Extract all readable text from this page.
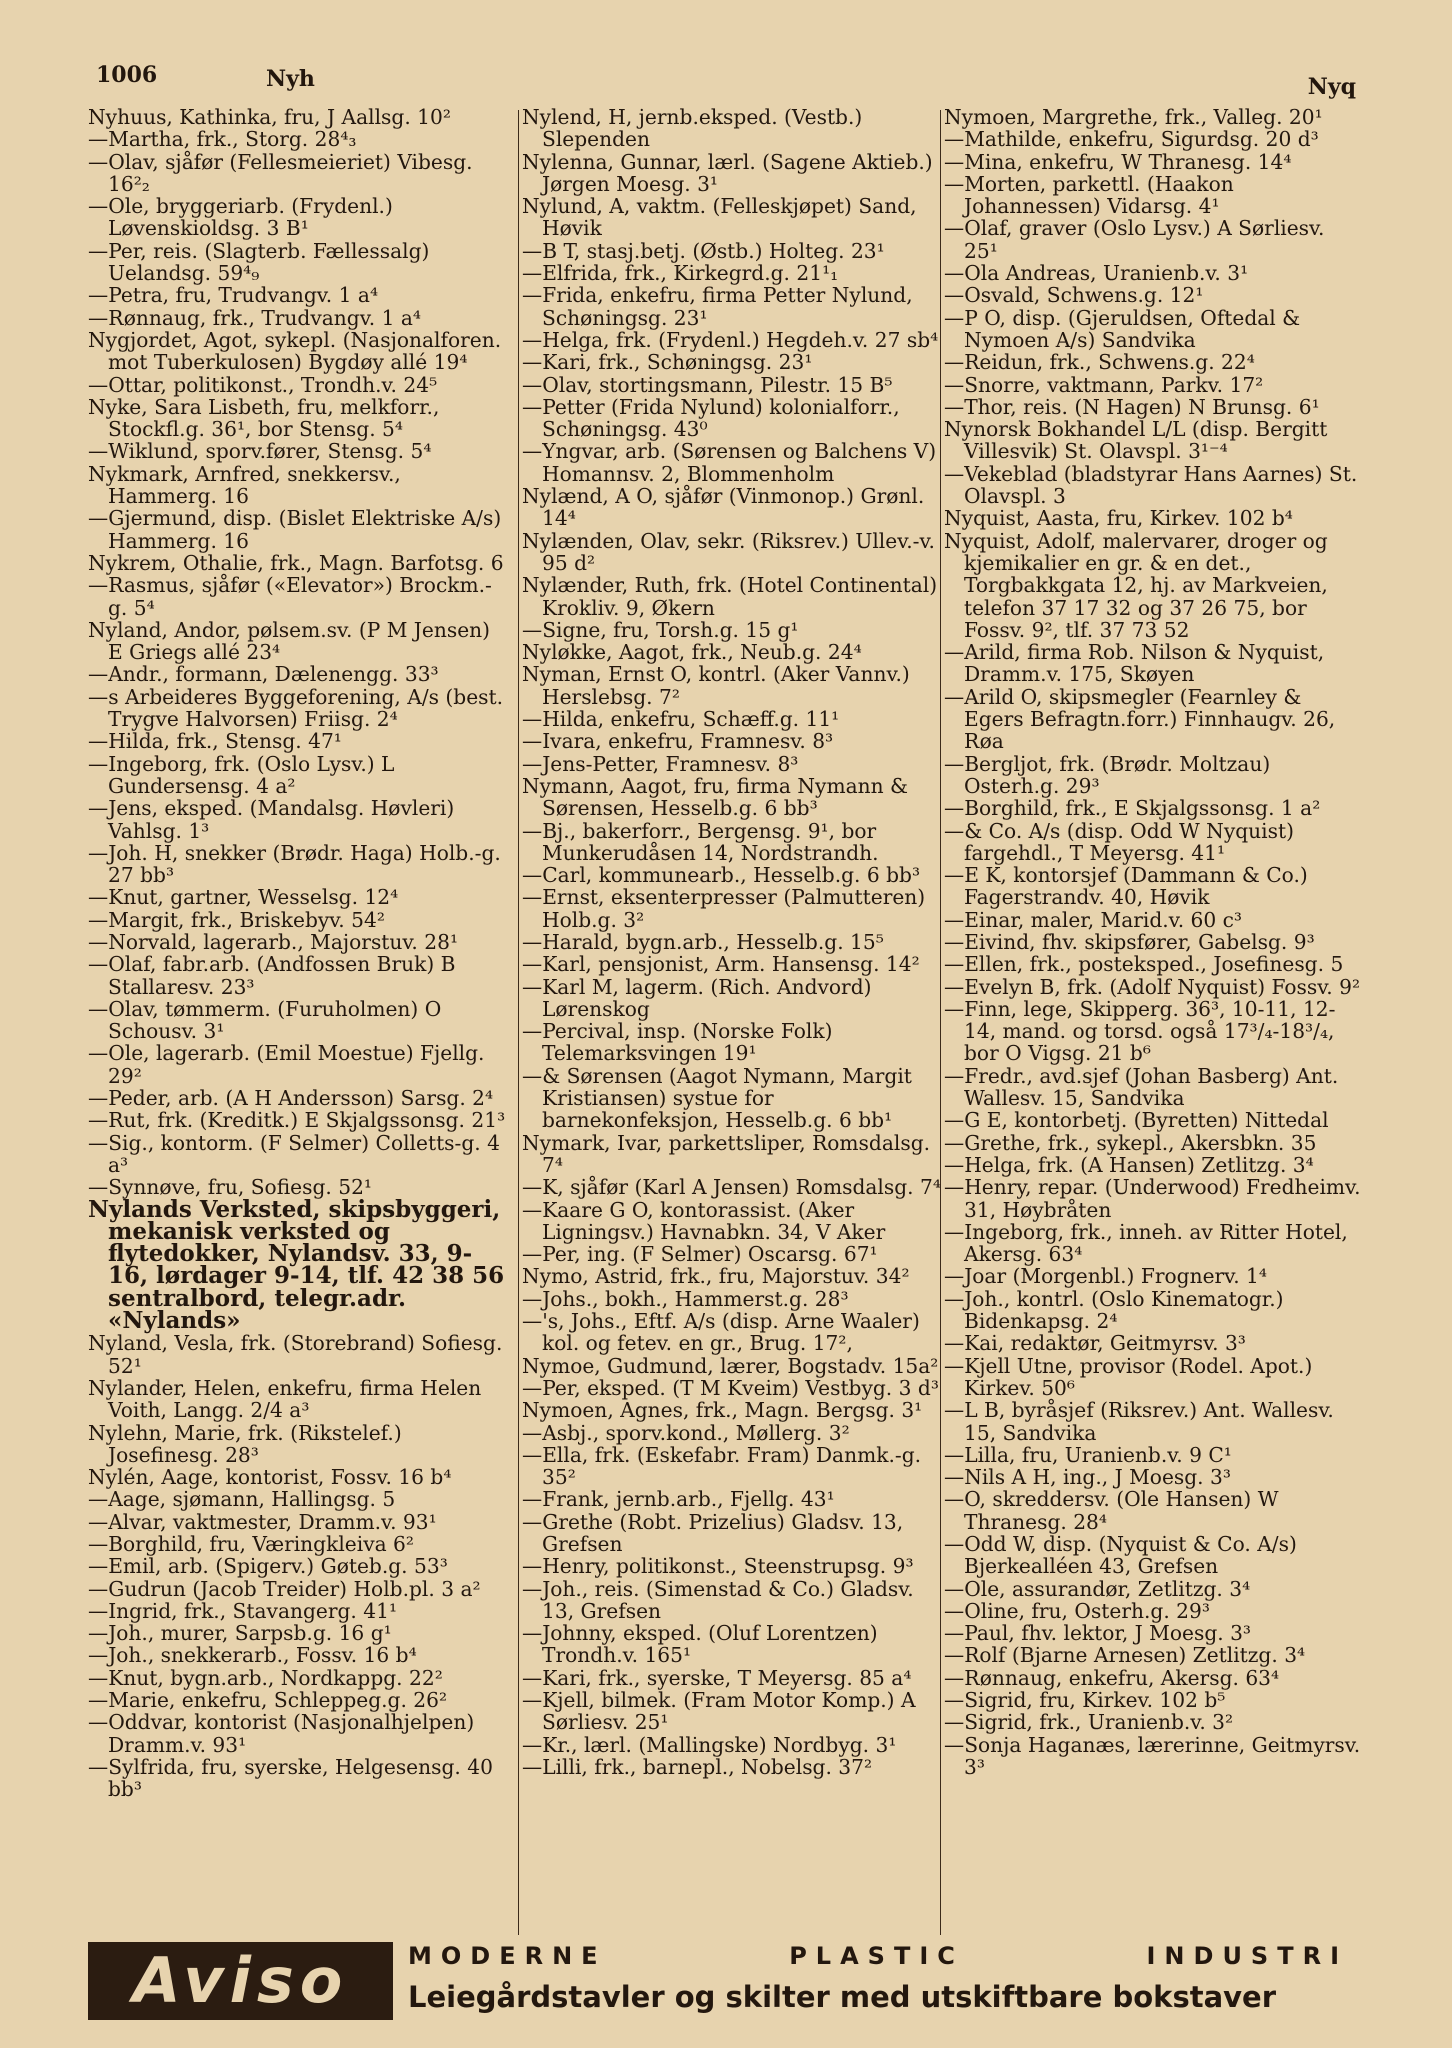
1006	Nyh	Nyq

Nyhuus, Kathinka, fru, J Aallsg. 10²

—Martha, frk., Storg. 28⁴₃

—Olav, sjåfør (Fellesmeieriet) Vibesg. 16²₂

—Ole, bryggeriarb. (Frydenl.) Løvenskioldsg. 3 B¹

—Per, reis. (Slagterb. Fællessalg) Uelandsg. 59⁴₉

—Petra, fru, Trudvangv. 1 a⁴

—Rønnaug, frk., Trudvangv. 1 a⁴

Nygjordet, Agot, sykepl. (Nasjonalforen. mot Tuberkulosen) Bygdøy allé 19⁴

—Ottar, politikonst., Trondh.v. 24⁵

Nyke, Sara Lisbeth, fru, melkforr., Stockfl.g. 36¹, bor Stensg. 5⁴

—Wiklund, sporv.fører, Stensg. 5⁴

Nykmark, Arnfred, snekkersv., Hammerg. 16

—Gjermund, disp. (Bislet Elektriske A/s) Hammerg. 16

Nykrem, Othalie, frk., Magn. Barfotsg. 6

—Rasmus, sjåfør («Elevator») Brockm.-g. 5⁴

Nyland, Andor, pølsem.sv. (P M Jensen) E Griegs allé 23⁴

—Andr., formann, Dælenengg. 33³

—s Arbeideres Byggeforening, A/s (best. Trygve Halvorsen) Friisg. 2⁴

—Hilda, frk., Stensg. 47¹

—Ingeborg, frk. (Oslo Lysv.) L Gundersensg. 4 a²

—Jens, eksped. (Mandalsg. Høvleri) Vahlsg. 1³

—Joh. H, snekker (Brødr. Haga) Holb.-g. 27 bb³

—Knut, gartner, Wesselsg. 12⁴

—Margit, frk., Briskebyv. 54²

—Norvald, lagerarb., Majorstuv. 28¹

—Olaf, fabr.arb. (Andfossen Bruk) B Stallaresv. 23³

—Olav, tømmerm. (Furuholmen) O Schousv. 3¹

—Ole, lagerarb. (Emil Moestue) Fjellg. 29²

—Peder, arb. (A H Andersson) Sarsg. 2⁴

—Rut, frk. (Kreditk.) E Skjalgssonsg. 21³

—Sig., kontorm. (F Selmer) Colletts-g. 4 a³

—Synnøve, fru, Sofiesg. 52¹

Nylands Verksted, skipsbyggeri, mekanisk verksted og flytedokker, Nylandsv. 33, 9-16, lørdager 9-14, tlf. 42 38 56 sentralbord, telegr.adr. «Nylands»

Nyland, Vesla, frk. (Storebrand) Sofiesg. 52¹

Nylander, Helen, enkefru, firma Helen Voith, Langg. 2/4 a³

Nylehn, Marie, frk. (Rikstelef.) Josefinesg. 28³

Nylén, Aage, kontorist, Fossv. 16 b⁴

—Aage, sjømann, Hallingsg. 5

—Alvar, vaktmester, Dramm.v. 93¹

—Borghild, fru, Væringkleiva 6²

—Emil, arb. (Spigerv.) Gøteb.g. 53³

—Gudrun (Jacob Treider) Holb.pl. 3 a²

—Ingrid, frk., Stavangerg. 41¹

—Joh., murer, Sarpsb.g. 16 g¹

—Joh., snekkerarb., Fossv. 16 b⁴

—Knut, bygn.arb., Nordkappg. 22²

—Marie, enkefru, Schleppeg.g. 26²

—Oddvar, kontorist (Nasjonalhjelpen) Dramm.v. 93¹

—Sylfrida, fru, syerske, Helgesensg. 40 bb³

Nylend, H, jernb.eksped. (Vestb.) Slependen

Nylenna, Gunnar, lærl. (Sagene Aktieb.) Jørgen Moesg. 3¹

Nylund, A, vaktm. (Felleskjøpet) Sand, Høvik

—B T, stasj.betj. (Østb.) Holteg. 23¹

—Elfrida, frk., Kirkegrd.g. 21¹₁

—Frida, enkefru, firma Petter Nylund, Schøningsg. 23¹

—Helga, frk. (Frydenl.) Hegdeh.v. 27 sb⁴

—Kari, frk., Schøningsg. 23¹

—Olav, stortingsmann, Pilestr. 15 B⁵

—Petter (Frida Nylund) kolonialforr., Schøningsg. 43⁰

—Yngvar, arb. (Sørensen og Balchens V) Homannsv. 2, Blommenholm

Nylænd, A O, sjåfør (Vinmonop.) Grønl. 14⁴

Nylænden, Olav, sekr. (Riksrev.) Ullev.-v. 95 d²

Nylænder, Ruth, frk. (Hotel Continental) Krokliv. 9, Økern

—Signe, fru, Torsh.g. 15 g¹

Nyløkke, Aagot, frk., Neub.g. 24⁴

Nyman, Ernst O, kontrl. (Aker Vannv.) Herslebsg. 7²

—Hilda, enkefru, Schæff.g. 11¹

—Ivara, enkefru, Framnesv. 8³

—Jens-Petter, Framnesv. 8³

Nymann, Aagot, fru, firma Nymann & Sørensen, Hesselb.g. 6 bb³

—Bj., bakerforr., Bergensg. 9¹, bor Munkerudåsen 14, Nordstrandh.

—Carl, kommunearb., Hesselb.g. 6 bb³

—Ernst, eksenterpresser (Palmutteren) Holb.g. 3²

—Harald, bygn.arb., Hesselb.g. 15⁵

—Karl, pensjonist, Arm. Hansensg. 14²

—Karl M, lagerm. (Rich. Andvord) Lørenskog

—Percival, insp. (Norske Folk) Telemarksvingen 19¹

—& Sørensen (Aagot Nymann, Margit Kristiansen) systue for barnekonfeksjon, Hesselb.g. 6 bb¹

Nymark, Ivar, parkettsliper, Romsdalsg. 7⁴

—K, sjåfør (Karl A Jensen) Romsdalsg. 7⁴

—Kaare G O, kontorassist. (Aker Ligningsv.) Havnabkn. 34, V Aker

—Per, ing. (F Selmer) Oscarsg. 67¹

Nymo, Astrid, frk., fru, Majorstuv. 34²

—Johs., bokh., Hammerst.g. 28³

—'s, Johs., Eftf. A/s (disp. Arne Waaler) kol. og fetev. en gr., Brug. 17²,

Nymoe, Gudmund, lærer, Bogstadv. 15a²

—Per, eksped. (T M Kveim) Vestbyg. 3 d³

Nymoen, Agnes, frk., Magn. Bergsg. 3¹

—Asbj., sporv.kond., Møllerg. 3²

—Ella, frk. (Eskefabr. Fram) Danmk.-g. 35²

—Frank, jernb.arb., Fjellg. 43¹

—Grethe (Robt. Prizelius) Gladsv. 13, Grefsen

—Henry, politikonst., Steenstrupsg. 9³

—Joh., reis. (Simenstad & Co.) Gladsv. 13, Grefsen

—Johnny, eksped. (Oluf Lorentzen) Trondh.v. 165¹

—Kari, frk., syerske, T Meyersg. 85 a⁴

—Kjell, bilmek. (Fram Motor Komp.) A Sørliesv. 25¹

—Kr., lærl. (Mallingske) Nordbyg. 3¹

—Lilli, frk., barnepl., Nobelsg. 37²

Nymoen, Margrethe, frk., Valleg. 20¹

—Mathilde, enkefru, Sigurdsg. 20 d³

—Mina, enkefru, W Thranesg. 14⁴

—Morten, parkettl. (Haakon Johannessen) Vidarsg. 4¹

—Olaf, graver (Oslo Lysv.) A Sørliesv. 25¹

—Ola Andreas, Uranienb.v. 3¹

—Osvald, Schwens.g. 12¹

—P O, disp. (Gjeruldsen, Oftedal & Nymoen A/s) Sandvika

—Reidun, frk., Schwens.g. 22⁴

—Snorre, vaktmann, Parkv. 17²

—Thor, reis. (N Hagen) N Brunsg. 6¹

Nynorsk Bokhandel L/L (disp. Bergitt Villesvik) St. Olavspl. 3¹⁻⁴

—Vekeblad (bladstyrar Hans Aarnes) St. Olavspl. 3

Nyquist, Aasta, fru, Kirkev. 102 b⁴

Nyquist, Adolf, malervarer, droger og kjemikalier en gr. & en det., Torgbakkgata 12, hj. av Markveien, telefon 37 17 32 og 37 26 75, bor Fossv. 9², tlf. 37 73 52

—Arild, firma Rob. Nilson & Nyquist, Dramm.v. 175, Skøyen

—Arild O, skipsmegler (Fearnley & Egers Befragtn.forr.) Finnhaugv. 26, Røa

—Bergljot, frk. (Brødr. Moltzau) Osterh.g. 29³

—Borghild, frk., E Skjalgssonsg. 1 a²

—& Co. A/s (disp. Odd W Nyquist) fargehdl., T Meyersg. 41¹

—E K, kontorsjef (Dammann & Co.) Fagerstrandv. 40, Høvik

—Einar, maler, Marid.v. 60 c³

—Eivind, fhv. skipsfører, Gabelsg. 9³

—Ellen, frk., posteksped., Josefinesg. 5

—Evelyn B, frk. (Adolf Nyquist) Fossv. 9²

—Finn, lege, Skipperg. 36³, 10-11, 12-14, mand. og torsd. også 17³/₄-18³/₄, bor O Vigsg. 21 b⁶

—Fredr., avd.sjef (Johan Basberg) Ant. Wallesv. 15, Sandvika

—G E, kontorbetj. (Byretten) Nittedal

—Grethe, frk., sykepl., Akersbkn. 35

—Helga, frk. (A Hansen) Zetlitzg. 3⁴

—Henry, repar. (Underwood) Fredheimv. 31, Høybråten

—Ingeborg, frk., inneh. av Ritter Hotel, Akersg. 63⁴

—Joar (Morgenbl.) Frognerv. 1⁴

—Joh., kontrl. (Oslo Kinematogr.) Bidenkapsg. 2⁴

—Kai, redaktør, Geitmyrsv. 3³

—Kjell Utne, provisor (Rodel. Apot.) Kirkev. 50⁶

—L B, byråsjef (Riksrev.) Ant. Wallesv. 15, Sandvika

—Lilla, fru, Uranienb.v. 9 C¹

—Nils A H, ing., J Moesg. 3³

—O, skreddersv. (Ole Hansen) W Thranesg. 28⁴

—Odd W, disp. (Nyquist & Co. A/s) Bjerkealléen 43, Grefsen

—Ole, assurandør, Zetlitzg. 3⁴

—Oline, fru, Osterh.g. 29³

—Paul, fhv. lektor, J Moesg. 3³

—Rolf (Bjarne Arnesen) Zetlitzg. 3⁴

—Rønnaug, enkefru, Akersg. 63⁴

—Sigrid, fru, Kirkev. 102 b⁵

—Sigrid, frk., Uranienb.v. 3²

—Sonja Haganæs, lærerinne, Geitmyrsv. 3³

Aviso	MODERNE	PLASTIC	INDUSTRI
Leiegårdstavler og skilter med utskiftbare bokstaver
